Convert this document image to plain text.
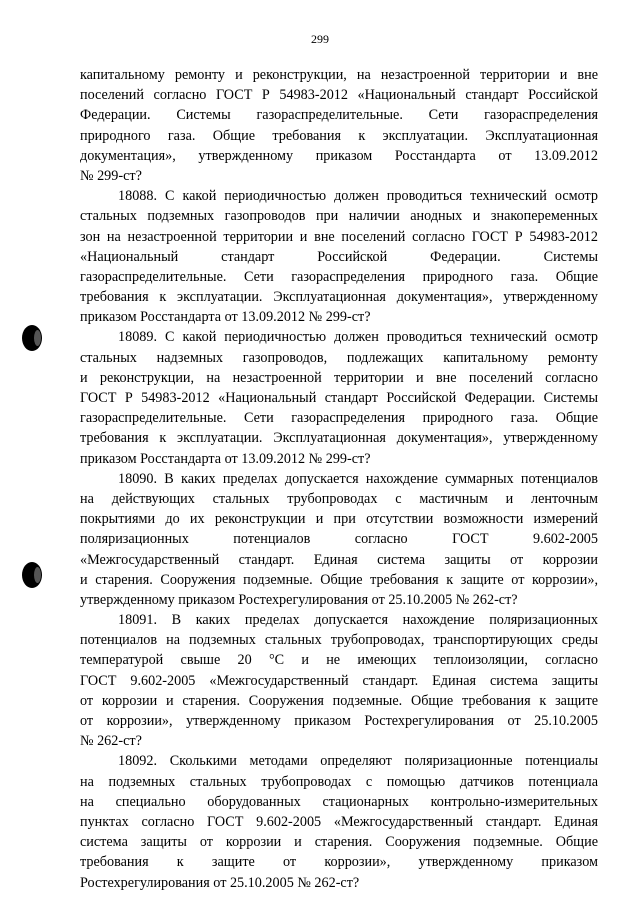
299
капитальному ремонту и реконструкции, на незастроенной территории и вне
поселений согласно ГОСТ Р 54983-2012 «Национальный стандарт Российской
Федерации. Системы газораспределительные. Сети газораспределения
природного газа. Общие требования к эксплуатации. Эксплуатационная
документация», утвержденному приказом Росстандарта от 13.09.2012
№ 299-ст?
18088. С какой периодичностью должен проводиться технический осмотр
стальных подземных газопроводов при наличии анодных и знакопеременных
зон на незастроенной территории и вне поселений согласно ГОСТ Р 54983-2012
«Национальный стандарт Российской Федерации. Системы
газораспределительные. Сети газораспределения природного газа. Общие
требования к эксплуатации. Эксплуатационная документация», утвержденному
приказом Росстандарта от 13.09.2012 № 299-ст?
18089. С какой периодичностью должен проводиться технический осмотр
стальных надземных газопроводов, подлежащих капитальному ремонту
и реконструкции, на незастроенной территории и вне поселений согласно
ГОСТ Р 54983-2012 «Национальный стандарт Российской Федерации. Системы
газораспределительные. Сети газораспределения природного газа. Общие
требования к эксплуатации. Эксплуатационная документация», утвержденному
приказом Росстандарта от 13.09.2012 № 299-ст?
18090. В каких пределах допускается нахождение суммарных потенциалов
на действующих стальных трубопроводах с мастичным и ленточным
покрытиями до их реконструкции и при отсутствии возможности измерений
поляризационных потенциалов согласно ГОСТ 9.602-2005
«Межгосударственный стандарт. Единая система защиты от коррозии
и старения. Сооружения подземные. Общие требования к защите от коррозии»,
утвержденному приказом Ростехрегулирования от 25.10.2005 № 262-ст?
18091. В каких пределах допускается нахождение поляризационных
потенциалов на подземных стальных трубопроводах, транспортирующих среды
температурой свыше 20 °С и не имеющих теплоизоляции, согласно
ГОСТ 9.602-2005 «Межгосударственный стандарт. Единая система защиты
от коррозии и старения. Сооружения подземные. Общие требования к защите
от коррозии», утвержденному приказом Ростехрегулирования от 25.10.2005
№ 262-ст?
18092. Сколькими методами определяют поляризационные потенциалы
на подземных стальных трубопроводах с помощью датчиков потенциала
на специально оборудованных стационарных контрольно-измерительных
пунктах согласно ГОСТ 9.602-2005 «Межгосударственный стандарт. Единая
система защиты от коррозии и старения. Сооружения подземные. Общие
требования к защите от коррозии», утвержденному приказом
Ростехрегулирования от 25.10.2005 № 262-ст?
